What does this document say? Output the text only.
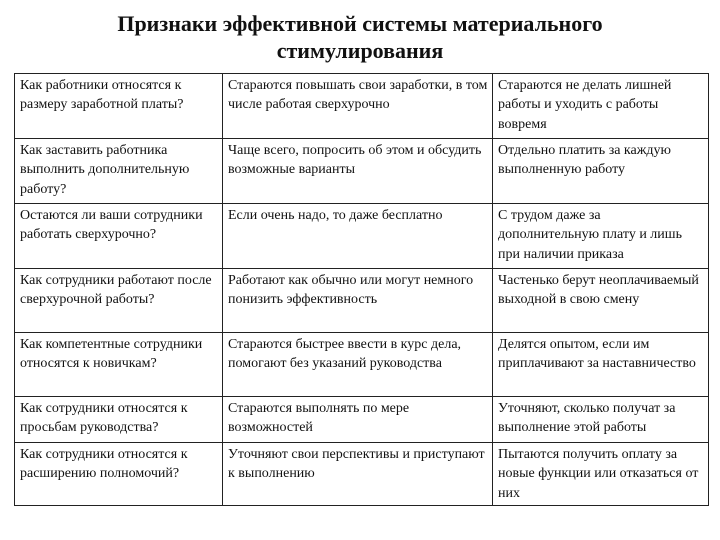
Признаки эффективной системы материального
стимулирования
Как работники относятся к размеру заработной платы?	Стараются повышать свои заработки, в том числе работая сверхурочно	Стараются не делать лишней работы и уходить с работы вовремя
Как заставить работника выполнить дополнительную работу?	Чаще всего, попросить об этом и обсудить возможные варианты	Отдельно платить за каждую выполненную работу
Остаются ли ваши сотрудники работать сверхурочно?	Если очень надо, то даже бесплатно	С трудом даже за дополнительную плату и лишь при наличии приказа
Как сотрудники работают после сверхурочной работы?	Работают как обычно или могут немного понизить эффективность	Частенько берут неоплачиваемый выходной в свою смену
Как компетентные сотрудники относятся к новичкам?	Стараются быстрее ввести в курс дела, помогают без указаний руководства	Делятся опытом, если им приплачивают за наставничество
Как сотрудники относятся к просьбам руководства?	Стараются выполнять по мере возможностей	Уточняют, сколько получат за выполнение этой работы
Как сотрудники относятся к расширению полномочий?	Уточняют свои перспективы и приступают к выполнению	Пытаются получить оплату за новые функции или отказаться от них
